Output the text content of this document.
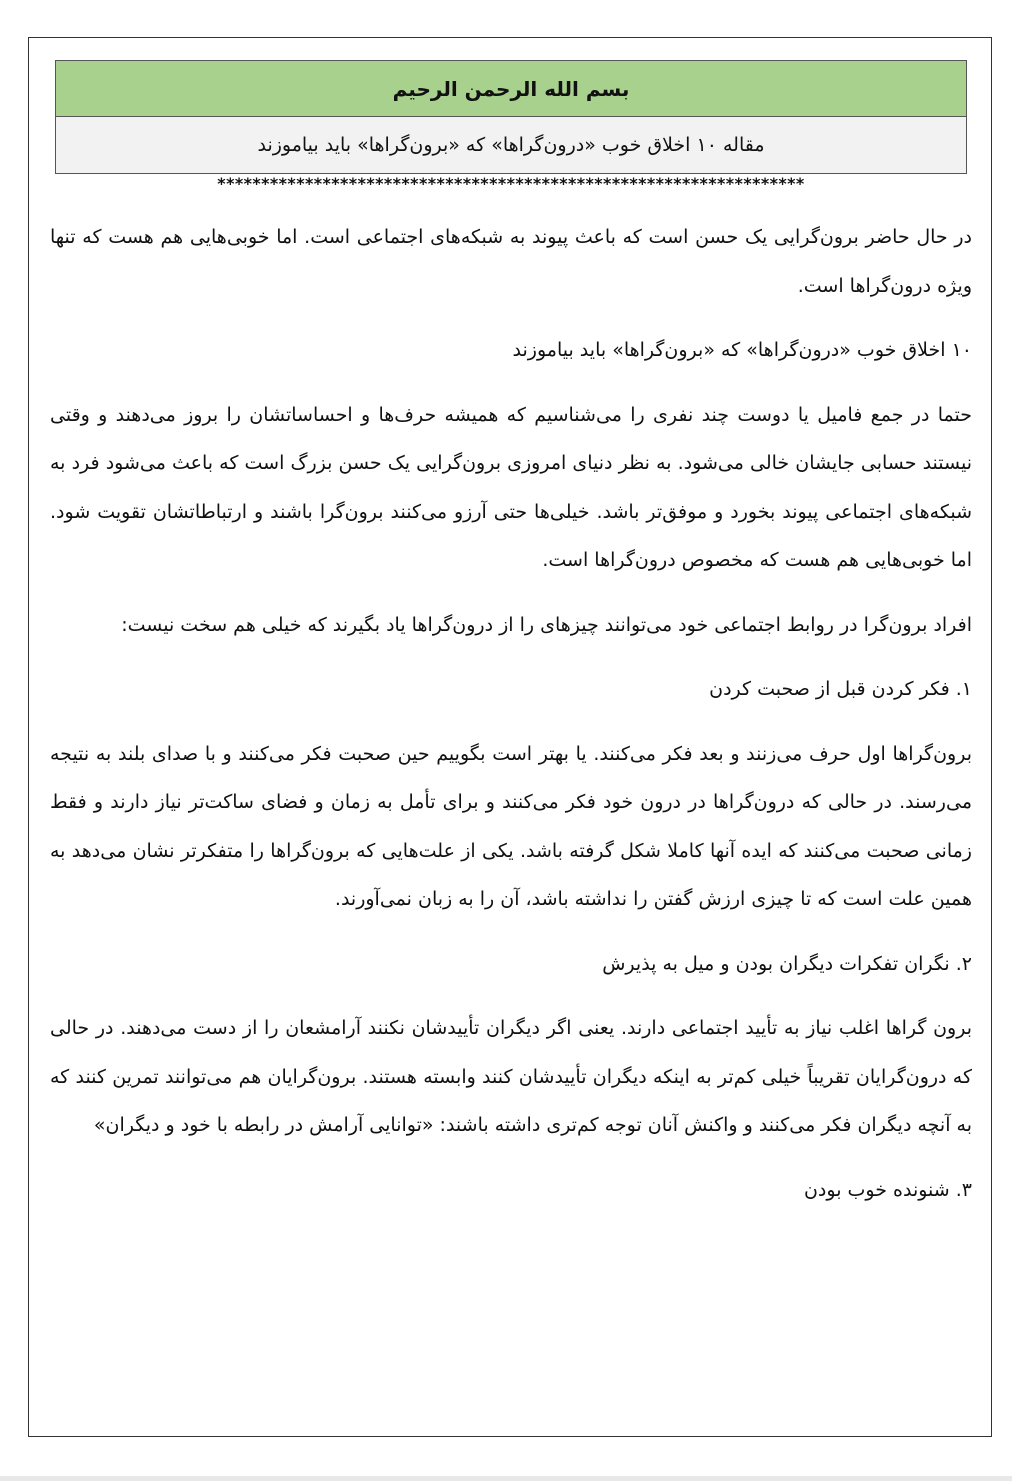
بسم الله الرحمن الرحیم
مقاله ۱۰ اخلاق خوب «درون‌گراها» که «برون‌گراها» باید بیاموزند
*******************************************************************

در حال حاضر برون‌گرایی یک حسن است که باعث پیوند به شبکه‌های اجتماعی است. اما خوبی‌هایی هم هست که تنها ویژه درون‌گراها است.

۱۰ اخلاق خوب «درون‌گراها» که «برون‌گراها» باید بیاموزند

حتما در جمع فامیل یا دوست چند نفری را می‌شناسیم که همیشه حرف‌ها و احساساتشان را بروز می‌دهند و وقتی نیستند حسابی جایشان خالی می‌شود. به نظر دنیای امروزی برون‌گرایی یک حسن بزرگ است که باعث می‌شود فرد به شبکه‌های اجتماعی پیوند بخورد و موفق‌تر باشد. خیلی‌ها حتی آرزو می‌کنند برون‌گرا باشند و ارتباطاتشان تقویت شود. اما خوبی‌هایی هم هست که مخصوص درون‌گراها است.

افراد برون‌گرا در روابط اجتماعی خود می‌توانند چیزهای را از درون‌گراها یاد بگیرند که خیلی هم سخت نیست:

۱. فکر کردن قبل از صحبت کردن

برون‌گراها اول حرف می‌زنند و بعد فکر می‌کنند. یا بهتر است بگوییم حین صحبت فکر می‌کنند و با صدای بلند به نتیجه می‌رسند. در حالی که درون‌گراها در درون خود فکر می‌کنند و برای تأمل به زمان و فضای ساکت‌تر نیاز دارند و فقط زمانی صحبت می‌کنند که ایده آنها کاملا شکل گرفته باشد. یکی از علت‌هایی که برون‌گراها را متفکرتر نشان می‌دهد به همین علت است که تا چیزی ارزش گفتن را نداشته باشد، آن را به زبان نمی‌آورند.

۲. نگران تفکرات دیگران بودن و میل به پذیرش

برون گراها اغلب نیاز به تأیید اجتماعی دارند. یعنی اگر دیگران تأییدشان نکنند آرامشعان را از دست می‌دهند. در حالی که درون‌گرایان تقریباً خیلی کم‌تر به اینکه دیگران تأییدشان کنند وابسته هستند. برون‌گرایان هم می‌توانند تمرین کنند که به آنچه دیگران فکر می‌کنند و واکنش آنان توجه کم‌تری داشته باشند: «توانایی آرامش در رابطه با خود و دیگران»

۳. شنونده خوب بودن
